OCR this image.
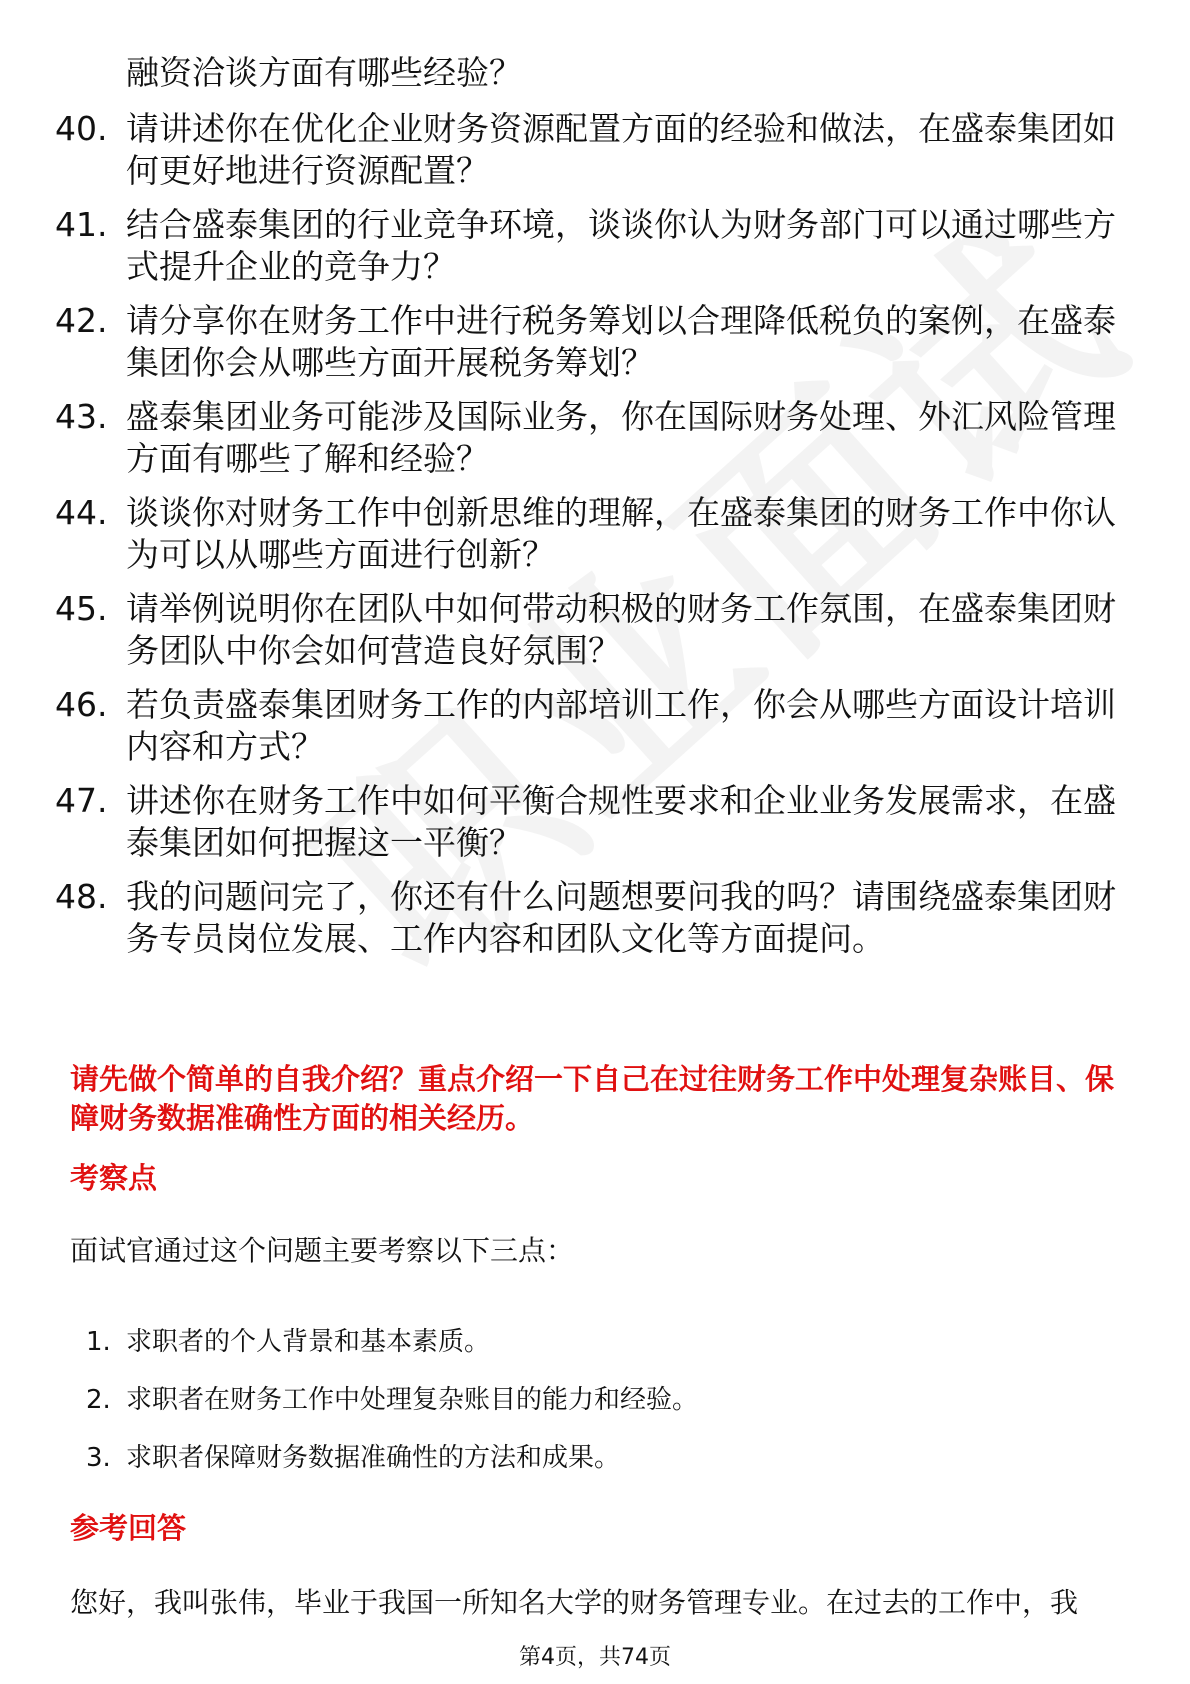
融资洽谈方面有哪些经验？
40. 请讲述你在优化企业财务资源配置方面的经验和做法，在盛泰集团如何更好地进行资源配置？
41. 结合盛泰集团的行业竞争环境，谈谈你认为财务部门可以通过哪些方式提升企业的竞争力？
42. 请分享你在财务工作中进行税务筹划以合理降低税负的案例，在盛泰集团你会从哪些方面开展税务筹划？
43. 盛泰集团业务可能涉及国际业务，你在国际财务处理、外汇风险管理方面有哪些了解和经验？
44. 谈谈你对财务工作中创新思维的理解，在盛泰集团的财务工作中你认为可以从哪些方面进行创新？
45. 请举例说明你在团队中如何带动积极的财务工作氛围，在盛泰集团财务团队中你会如何营造良好氛围？
46. 若负责盛泰集团财务工作的内部培训工作，你会从哪些方面设计培训内容和方式？
47. 讲述你在财务工作中如何平衡合规性要求和企业业务发展需求，在盛泰集团如何把握这一平衡？
48. 我的问题问完了，你还有什么问题想要问我的吗？请围绕盛泰集团财务专员岗位发展、工作内容和团队文化等方面提问。
请先做个简单的自我介绍？重点介绍一下自己在过往财务工作中处理复杂账目、保障财务数据准确性方面的相关经历。
考察点
面试官通过这个问题主要考察以下三点：
1. 求职者的个人背景和基本素质。
2. 求职者在财务工作中处理复杂账目的能力和经验。
3. 求职者保障财务数据准确性的方法和成果。
参考回答
您好，我叫张伟，毕业于我国一所知名大学的财务管理专业。在过去的工作中，我
第4页，共74页
